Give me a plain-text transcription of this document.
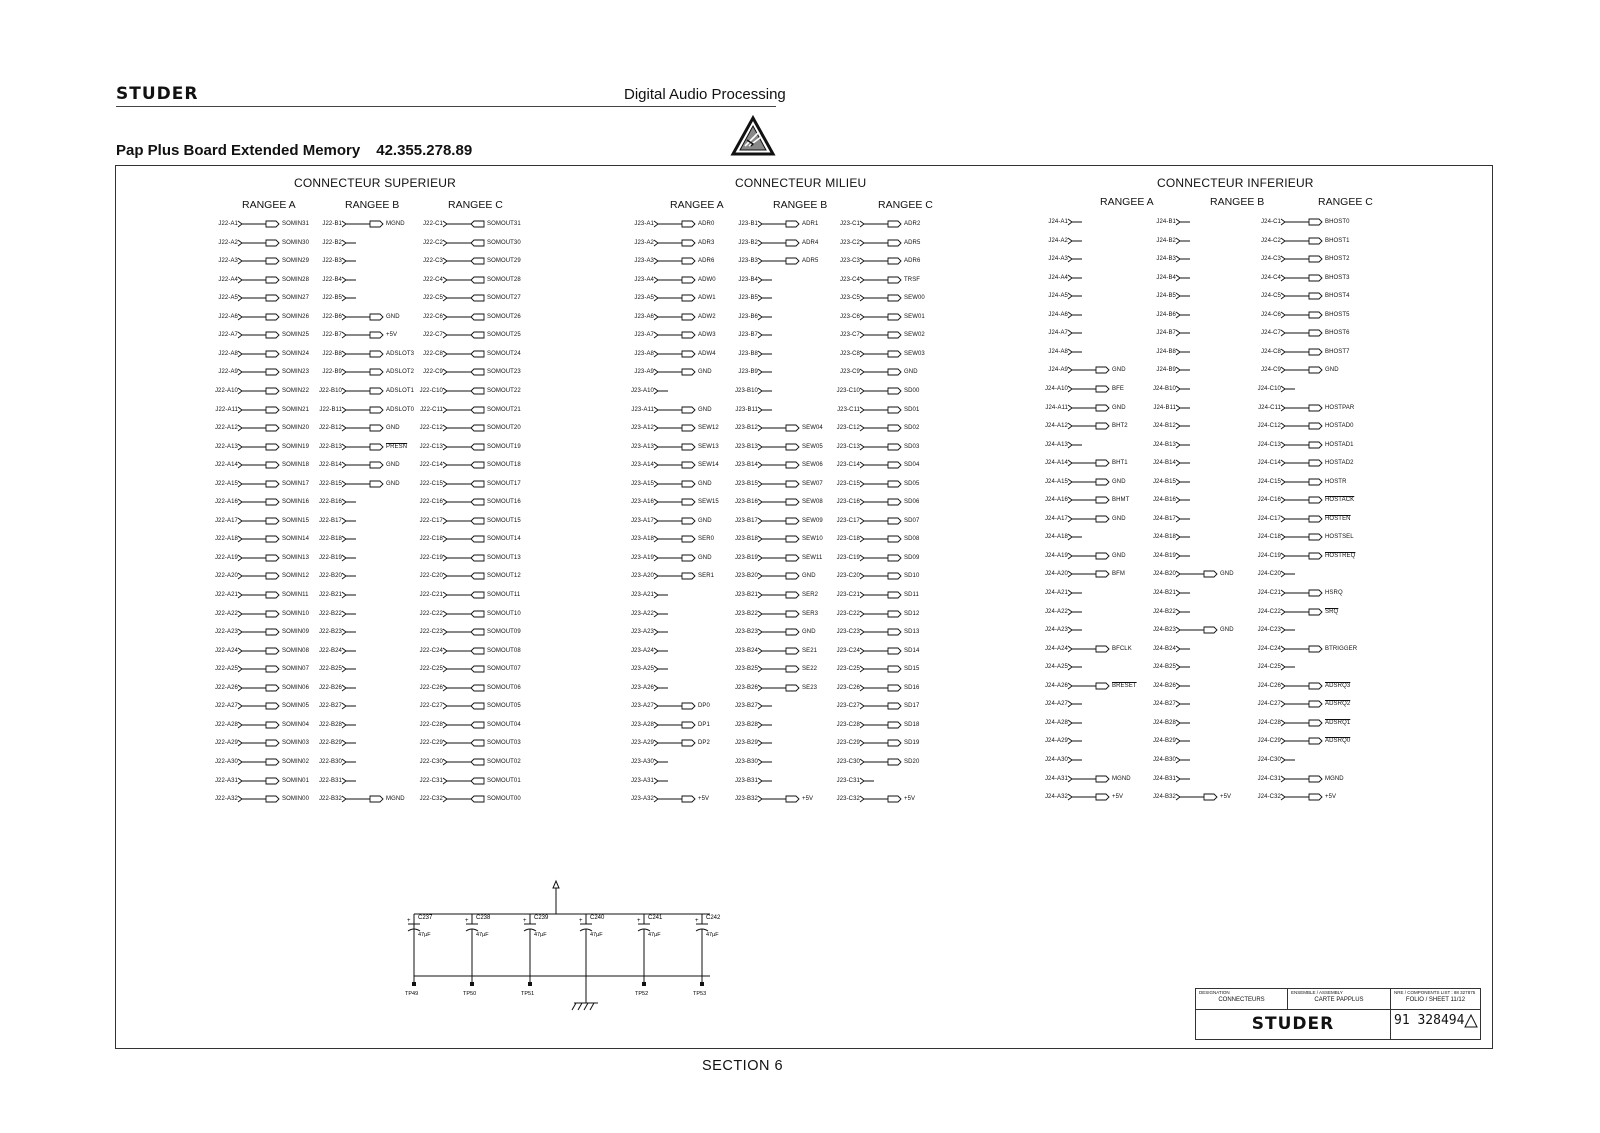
STUDER	Digital Audio Processing
Pap Plus Board Extended Memory 42.355.278.89
CONNECTEUR SUPERIEUR
RANGEE A
J22-A1	SOMIN31
J22-A2	SOMIN30
J22-A3	SOMIN29
J22-A4	SOMIN28
J22-A5	SOMIN27
J22-A6	SOMIN26
J22-A7	SOMIN25
J22-A8	SOMIN24
J22-A9	SOMIN23
J22-A10	SOMIN22
J22-A11	SOMIN21
J22-A12	SOMIN20
J22-A13	SOMIN19
J22-A14	SOMIN18
J22-A15	SOMIN17
J22-A16	SOMIN16
J22-A17	SOMIN15
J22-A18	SOMIN14
J22-A19	SOMIN13
J22-A20	SOMIN12
J22-A21	SOMIN11
J22-A22	SOMIN10
J22-A23	SOMIN09
J22-A24	SOMIN08
J22-A25	SOMIN07
J22-A26	SOMIN06
J22-A27	SOMIN05
J22-A28	SOMIN04
J22-A29	SOMIN03
J22-A30	SOMIN02
J22-A31	SOMIN01
J22-A32	SOMIN00
RANGEE B
J22-B1	MGND
J22-B2
J22-B3
J22-B4
J22-B5
J22-B6	GND
J22-B7	+5V
J22-B8	ADSLOT3
J22-B9	ADSLOT2
J22-B10	ADSLOT1
J22-B11	ADSLOT0
J22-B12	GND
J22-B13	PRESN
J22-B14	GND
J22-B15	GND
J22-B16
J22-B17
J22-B18
J22-B19
J22-B20
J22-B21
J22-B22
J22-B23
J22-B24
J22-B25
J22-B26
J22-B27
J22-B28
J22-B29
J22-B30
J22-B31
J22-B32	MGND
RANGEE C
J22-C1	SOMOUT31
J22-C2	SOMOUT30
J22-C3	SOMOUT29
J22-C4	SOMOUT28
J22-C5	SOMOUT27
J22-C6	SOMOUT26
J22-C7	SOMOUT25
J22-C8	SOMOUT24
J22-C9	SOMOUT23
J22-C10	SOMOUT22
J22-C11	SOMOUT21
J22-C12	SOMOUT20
J22-C13	SOMOUT19
J22-C14	SOMOUT18
J22-C15	SOMOUT17
J22-C16	SOMOUT16
J22-C17	SOMOUT15
J22-C18	SOMOUT14
J22-C19	SOMOUT13
J22-C20	SOMOUT12
J22-C21	SOMOUT11
J22-C22	SOMOUT10
J22-C23	SOMOUT09
J22-C24	SOMOUT08
J22-C25	SOMOUT07
J22-C26	SOMOUT06
J22-C27	SOMOUT05
J22-C28	SOMOUT04
J22-C29	SOMOUT03
J22-C30	SOMOUT02
J22-C31	SOMOUT01
J22-C32	SOMOUT00
CONNECTEUR MILIEU
RANGEE A
J23-A1	ADR0
J23-A2	ADR3
J23-A3	ADR6
J23-A4	ADW0
J23-A5	ADW1
J23-A6	ADW2
J23-A7	ADW3
J23-A8	ADW4
J23-A9	GND
J23-A10
J23-A11	GND
J23-A12	SEW12
J23-A13	SEW13
J23-A14	SEW14
J23-A15	GND
J23-A16	SEW15
J23-A17	GND
J23-A18	SER0
J23-A19	GND
J23-A20	SER1
J23-A21
J23-A22
J23-A23
J23-A24
J23-A25
J23-A26
J23-A27	DP0
J23-A28	DP1
J23-A29	DP2
J23-A30
J23-A31
J23-A32	+5V
RANGEE B
J23-B1	ADR1
J23-B2	ADR4
J23-B3	ADR5
J23-B4
J23-B5
J23-B6
J23-B7
J23-B8
J23-B9
J23-B10
J23-B11
J23-B12	SEW04
J23-B13	SEW05
J23-B14	SEW06
J23-B15	SEW07
J23-B16	SEW08
J23-B17	SEW09
J23-B18	SEW10
J23-B19	SEW11
J23-B20	GND
J23-B21	SER2
J23-B22	SER3
J23-B23	GND
J23-B24	SE21
J23-B25	SE22
J23-B26	SE23
J23-B27
J23-B28
J23-B29
J23-B30
J23-B31
J23-B32	+5V
RANGEE C
J23-C1	ADR2
J23-C2	ADR5
J23-C3	ADR6
J23-C4	TRSF
J23-C5	SEW00
J23-C6	SEW01
J23-C7	SEW02
J23-C8	SEW03
J23-C9	GND
J23-C10	SD00
J23-C11	SD01
J23-C12	SD02
J23-C13	SD03
J23-C14	SD04
J23-C15	SD05
J23-C16	SD06
J23-C17	SD07
J23-C18	SD08
J23-C19	SD09
J23-C20	SD10
J23-C21	SD11
J23-C22	SD12
J23-C23	SD13
J23-C24	SD14
J23-C25	SD15
J23-C26	SD16
J23-C27	SD17
J23-C28	SD18
J23-C29	SD19
J23-C30	SD20
J23-C31
J23-C32	+5V
CONNECTEUR INFERIEUR
RANGEE A
J24-A1
J24-A2
J24-A3
J24-A4
J24-A5
J24-A6
J24-A7
J24-A8
J24-A9	GND
J24-A10	BFE
J24-A11	GND
J24-A12	BHT2
J24-A13
J24-A14	BHT1
J24-A15	GND
J24-A16	BHMT
J24-A17	GND
J24-A18
J24-A19	GND
J24-A20	BFM
J24-A21
J24-A22
J24-A23
J24-A24	BFCLK
J24-A25
J24-A26	BRESET
J24-A27
J24-A28
J24-A29
J24-A30
J24-A31	MGND
J24-A32	+5V
RANGEE B
J24-B1
J24-B2
J24-B3
J24-B4
J24-B5
J24-B6
J24-B7
J24-B8
J24-B9
J24-B10
J24-B11
J24-B12
J24-B13
J24-B14
J24-B15
J24-B16
J24-B17
J24-B18
J24-B19
J24-B20	GND
J24-B21
J24-B22
J24-B23	GND
J24-B24
J24-B25
J24-B26
J24-B27
J24-B28
J24-B29
J24-B30
J24-B31
J24-B32	+5V
RANGEE C
J24-C1	BHOST0
J24-C2	BHOST1
J24-C3	BHOST2
J24-C4	BHOST3
J24-C5	BHOST4
J24-C6	BHOST5
J24-C7	BHOST6
J24-C8	BHOST7
J24-C9	GND
J24-C10
J24-C11	HOSTPAR
J24-C12	HOSTAD0
J24-C13	HOSTAD1
J24-C14	HOSTAD2
J24-C15	HOSTR
J24-C16	HOSTACK
J24-C17	HOSTEN
J24-C18	HOSTSEL
J24-C19	HOSTREQ
J24-C20
J24-C21	HSRQ
J24-C22	$\overline{SRQ}$
J24-C23
J24-C24	BTRIGGER
J24-C25
J24-C26	ADSRQ3
J24-C27	ADSRQ2
J24-C28	ADSRQ1
J24-C29	ADSRQ0
J24-C30
J24-C31	MGND
J24-C32	+5V
+ C237
47µF
TP49
+ C238
47µF
TP50
+ C239
47µF
TP51
+ C240
47µF
+ C241
47µF
TP52
+ C242
47µF
TP53	DESIGNATION
CONNECTEURS
ENSEMBLE / ASSEMBLY
CARTE PAPPLUS
NRE / COMPONENTS LIST : 88 327875
FOLIO / SHEET 11/12
STUDER	91 328494
SECTION 6
